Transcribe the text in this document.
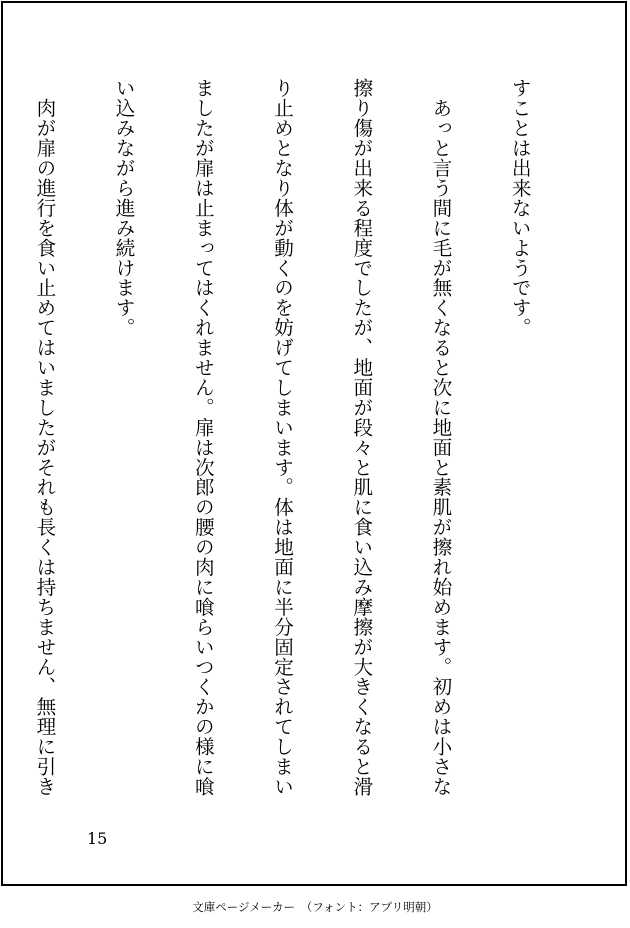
すことは出来ないようです。

　あっと言う間に毛が無くなると次に地面と素肌が擦れ始めます。初めは小さな

擦り傷が出来る程度でしたが、地面が段々と肌に食い込み摩擦が大きくなると滑

り止めとなり体が動くのを妨げてしまいます。体は地面に半分固定されてしまい

ましたが扉は止まってはくれません。扉は次郎の腰の肉に喰らいつくかの様に喰

い込みながら進み続けます。

　肉が扉の進行を食い止めてはいましたがそれも長くは持ちません、無理に引き

15
文庫ページメーカー　（フォント：アプリ明朝）
